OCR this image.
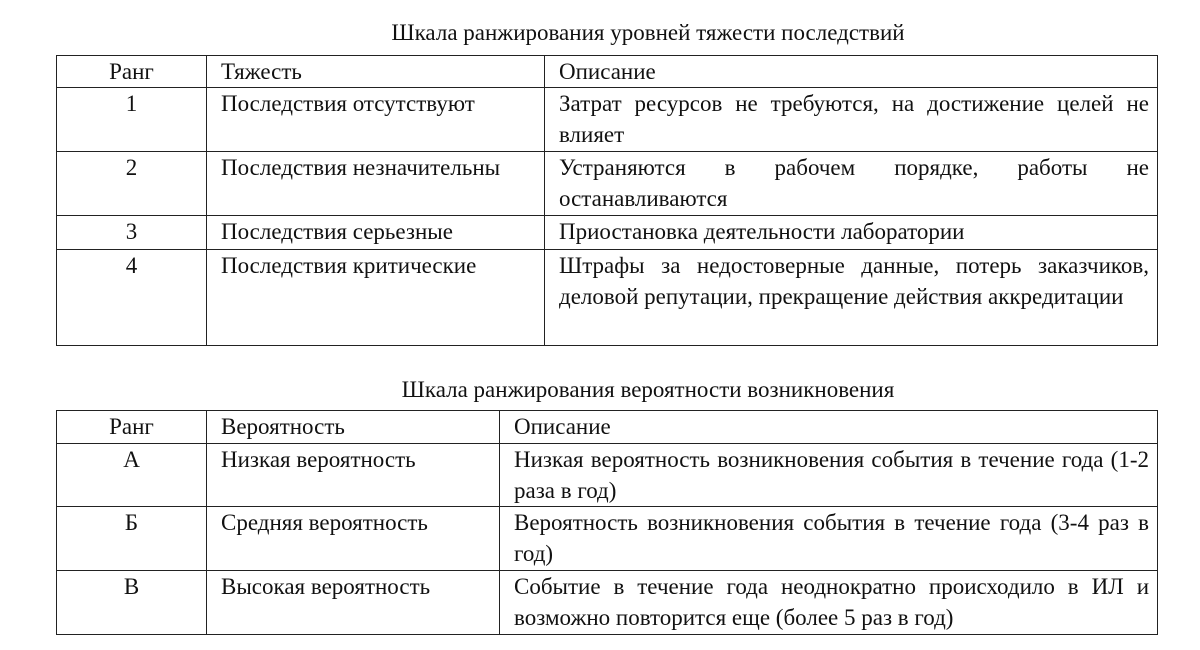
Шкала ранжирования уровней тяжести последствий
Ранг	Тяжесть	Описание
1	Последствия отсутствуют	Затрат ресурсов не требуются, на достижение целей не влияет
2	Последствия незначительны	Устраняются в рабочем порядке, работы не останавливаются
3	Последствия серьезные	Приостановка деятельности лаборатории
4	Последствия критические	Штрафы за недостоверные данные, потерь заказчиков, деловой репутации, прекращение действия аккредитации
Шкала ранжирования вероятности возникновения
Ранг	Вероятность	Описание
А	Низкая вероятность	Низкая вероятность возникновения события в течение года (1-2 раза в год)
Б	Средняя вероятность	Вероятность возникновения события в течение года (3-4 раз в год)
В	Высокая вероятность	Событие в течение года неоднократно происходило в ИЛ и возможно повторится еще (более 5 раз в год)
